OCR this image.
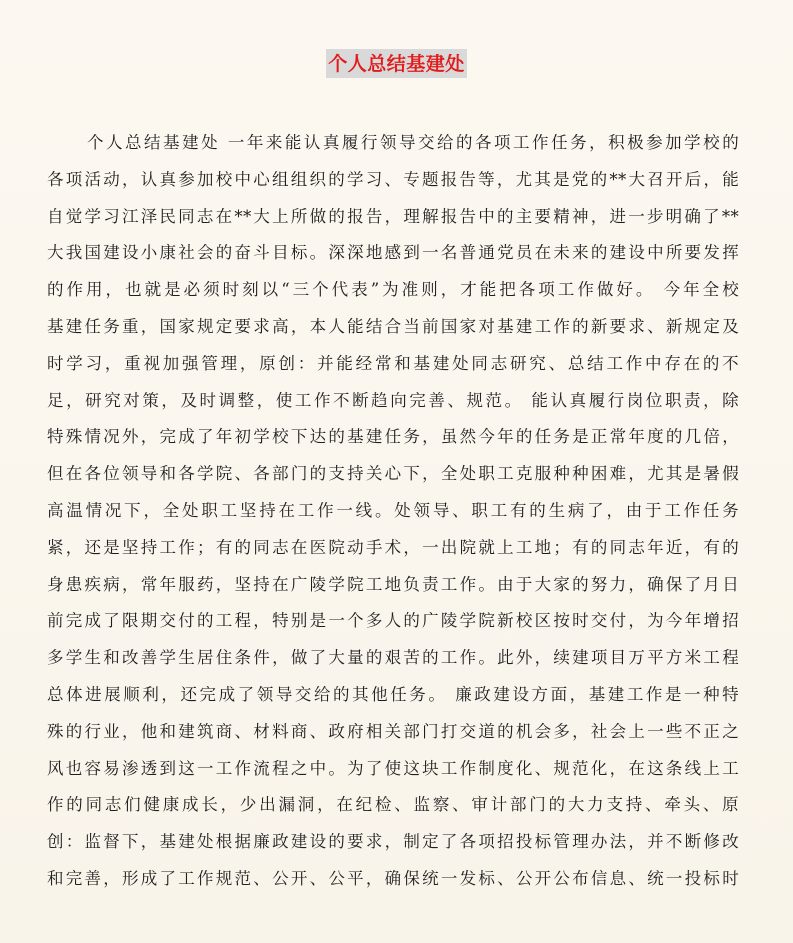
个人总结基建处
个人总结基建处 一年来能认真履行领导交给的各项工作任务，积极参加学校的
各项活动，认真参加校中心组组织的学习、专题报告等，尤其是党的**大召开后，能
自觉学习江泽民同志在**大上所做的报告，理解报告中的主要精神，进一步明确了**
大我国建设小康社会的奋斗目标。深深地感到一名普通党员在未来的建设中所要发挥
的作用，也就是必须时刻以“三个代表”为准则，才能把各项工作做好。 今年全校
基建任务重，国家规定要求高，本人能结合当前国家对基建工作的新要求、新规定及
时学习，重视加强管理，原创：并能经常和基建处同志研究、总结工作中存在的不
足，研究对策，及时调整，使工作不断趋向完善、规范。 能认真履行岗位职责，除
特殊情况外，完成了年初学校下达的基建任务，虽然今年的任务是正常年度的几倍，
但在各位领导和各学院、各部门的支持关心下，全处职工克服种种困难，尤其是暑假
高温情况下，全处职工坚持在工作一线。处领导、职工有的生病了，由于工作任务
紧，还是坚持工作；有的同志在医院动手术，一出院就上工地；有的同志年近，有的
身患疾病，常年服药，坚持在广陵学院工地负责工作。由于大家的努力，确保了月日
前完成了限期交付的工程，特别是一个多人的广陵学院新校区按时交付，为今年增招
多学生和改善学生居住条件，做了大量的艰苦的工作。此外，续建项目万平方米工程
总体进展顺利，还完成了领导交给的其他任务。 廉政建设方面，基建工作是一种特
殊的行业，他和建筑商、材料商、政府相关部门打交道的机会多，社会上一些不正之
风也容易渗透到这一工作流程之中。为了使这块工作制度化、规范化，在这条线上工
作的同志们健康成长，少出漏洞，在纪检、监察、审计部门的大力支持、牵头、原
创：监督下，基建处根据廉政建设的要求，制定了各项招投标管理办法，并不断修改
和完善，形成了工作规范、公开、公平，确保统一发标、公开公布信息、统一投标时
